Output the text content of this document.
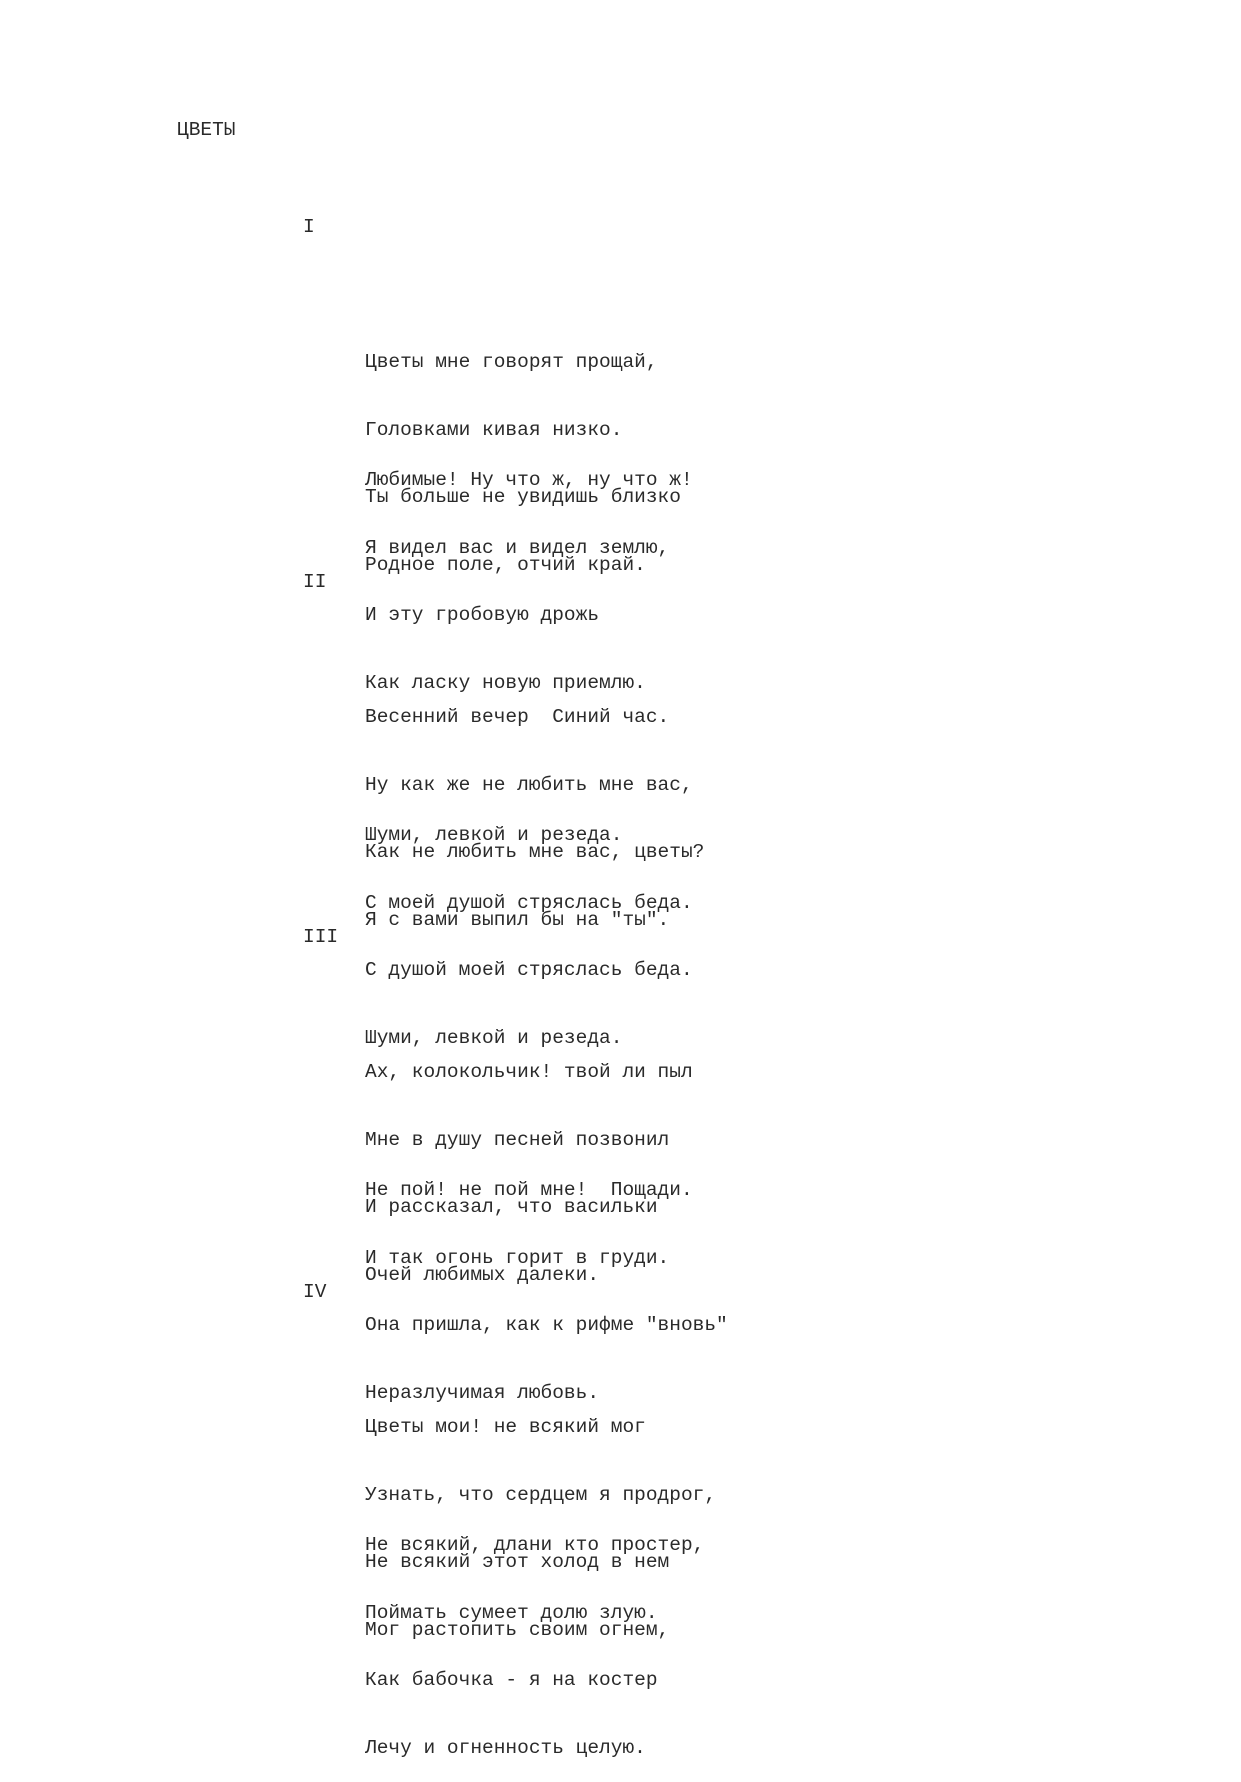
ЦВЕТЫ
I

Цветы мне говорят прощай,

Головками кивая низко.

Ты больше не увидишь близко

Родное поле, отчий край.

Любимые! Ну что ж, ну что ж!

Я видел вас и видел землю,

И эту гробовую дрожь

Как ласку новую приемлю.

II

Весенний вечер  Синий час.

Ну как же не любить мне вас,

Как не любить мне вас, цветы?

Я с вами выпил бы на "ты".

Шуми, левкой и резеда.

С моей душой стряслась беда.

С душой моей стряслась беда.

Шуми, левкой и резеда.

III

Ах, колокольчик! твой ли пыл

Мне в душу песней позвонил

И рассказал, что васильки

Очей любимых далеки.

Не пой! не пой мне!  Пощади.

И так огонь горит в груди.

Она пришла, как к рифме "вновь"

Неразлучимая любовь.

IV

Цветы мои! не всякий мог

Узнать, что сердцем я продрог,

Не всякий этот холод в нем

Мог растопить своим огнем,

Не всякий, длани кто простер,

Поймать сумеет долю злую.

Как бабочка - я на костер

Лечу и огненность целую.
